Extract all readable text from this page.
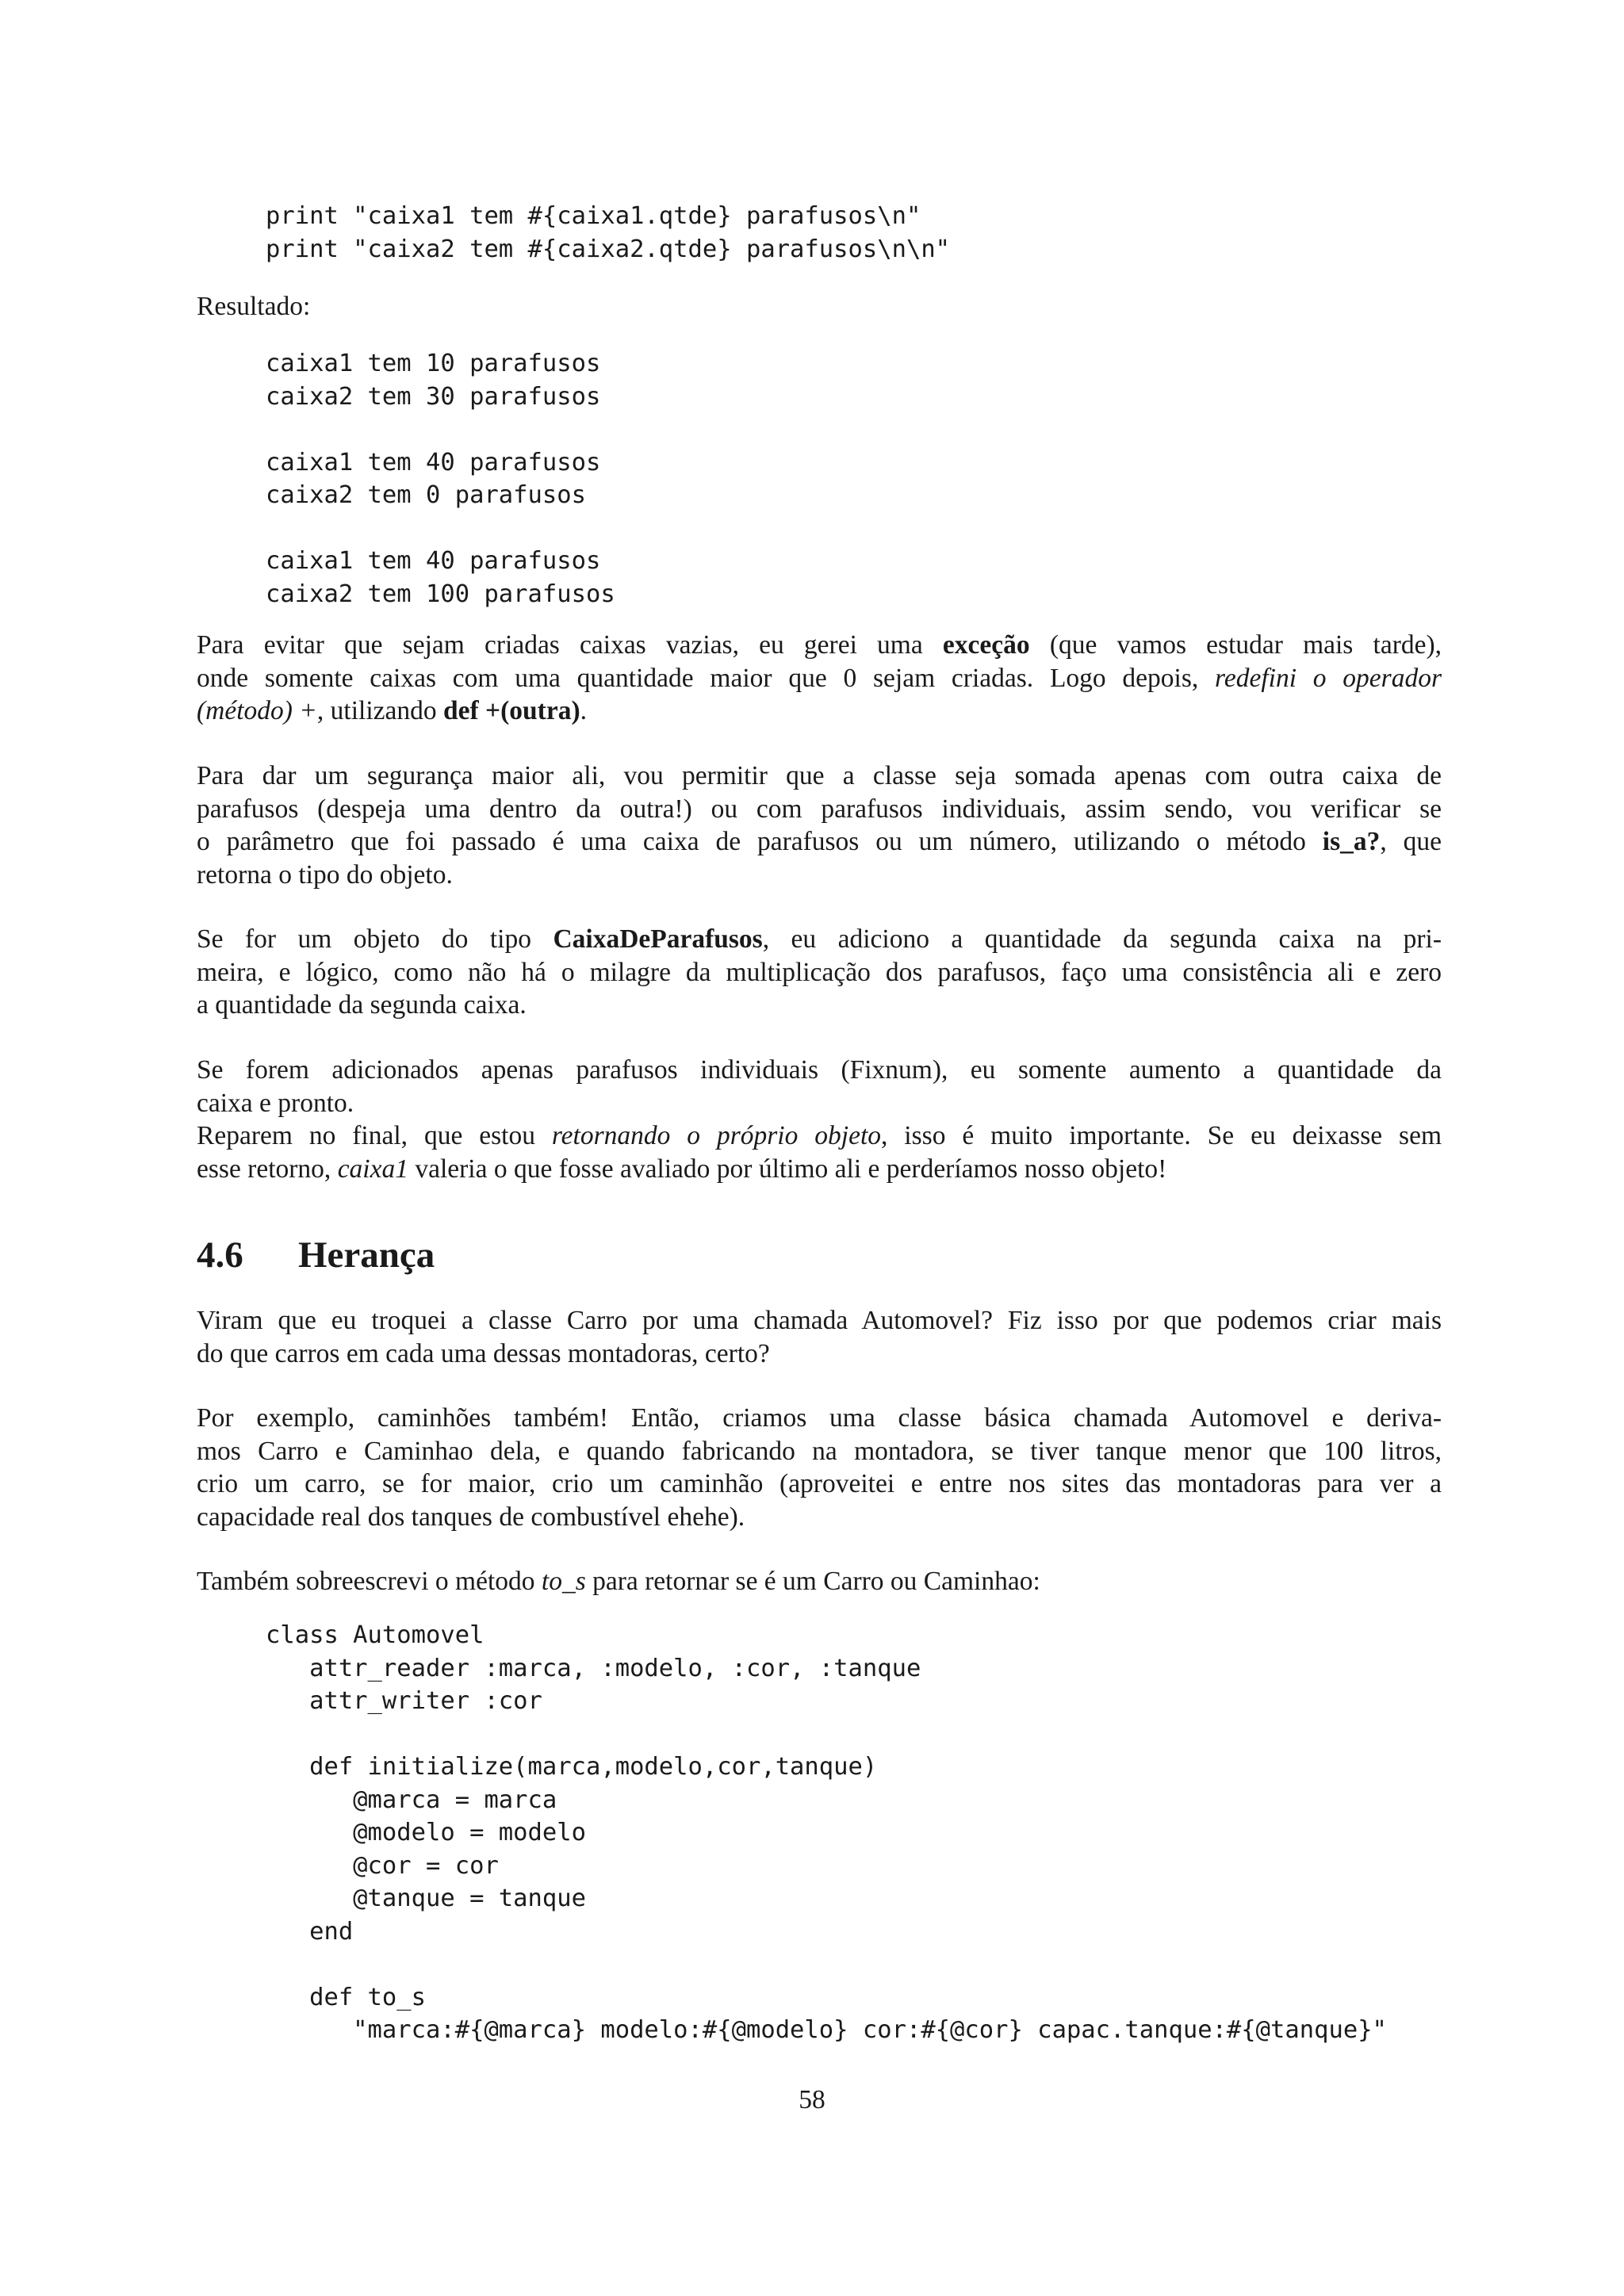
print "caixa1 tem #{caixa1.qtde} parafusos\n"
print "caixa2 tem #{caixa2.qtde} parafusos\n\n"
Resultado:
caixa1 tem 10 parafusos
caixa2 tem 30 parafusos
caixa1 tem 40 parafusos
caixa2 tem 0 parafusos
caixa1 tem 40 parafusos
caixa2 tem 100 parafusos
Para evitar que sejam criadas caixas vazias, eu gerei uma exceção (que vamos estudar mais tarde),
onde somente caixas com uma quantidade maior que 0 sejam criadas. Logo depois, redefini o operador
(método) +, utilizando def +(outra).
Para dar um segurança maior ali, vou permitir que a classe seja somada apenas com outra caixa de
parafusos (despeja uma dentro da outra!) ou com parafusos individuais, assim sendo, vou verificar se
o parâmetro que foi passado é uma caixa de parafusos ou um número, utilizando o método is_a?, que
retorna o tipo do objeto.
Se for um objeto do tipo CaixaDeParafusos, eu adiciono a quantidade da segunda caixa na pri-
meira, e lógico, como não há o milagre da multiplicação dos parafusos, faço uma consistência ali e zero
a quantidade da segunda caixa.
Se forem adicionados apenas parafusos individuais (Fixnum), eu somente aumento a quantidade da
caixa e pronto.
Reparem no final, que estou retornando o próprio objeto, isso é muito importante. Se eu deixasse sem
esse retorno, caixa1 valeria o que fosse avaliado por último ali e perderíamos nosso objeto!
4.6 Herança
Viram que eu troquei a classe Carro por uma chamada Automovel? Fiz isso por que podemos criar mais
do que carros em cada uma dessas montadoras, certo?
Por exemplo, caminhões também! Então, criamos uma classe básica chamada Automovel e deriva-
mos Carro e Caminhao dela, e quando fabricando na montadora, se tiver tanque menor que 100 litros,
crio um carro, se for maior, crio um caminhão (aproveitei e entre nos sites das montadoras para ver a
capacidade real dos tanques de combustível ehehe).
Também sobreescrevi o método to_s para retornar se é um Carro ou Caminhao:
class Automovel
attr_reader :marca, :modelo, :cor, :tanque
attr_writer :cor
def initialize(marca,modelo,cor,tanque)
@marca = marca
@modelo = modelo
@cor = cor
@tanque = tanque
end
def to_s
"marca:#{@marca} modelo:#{@modelo} cor:#{@cor} capac.tanque:#{@tanque}"
58
